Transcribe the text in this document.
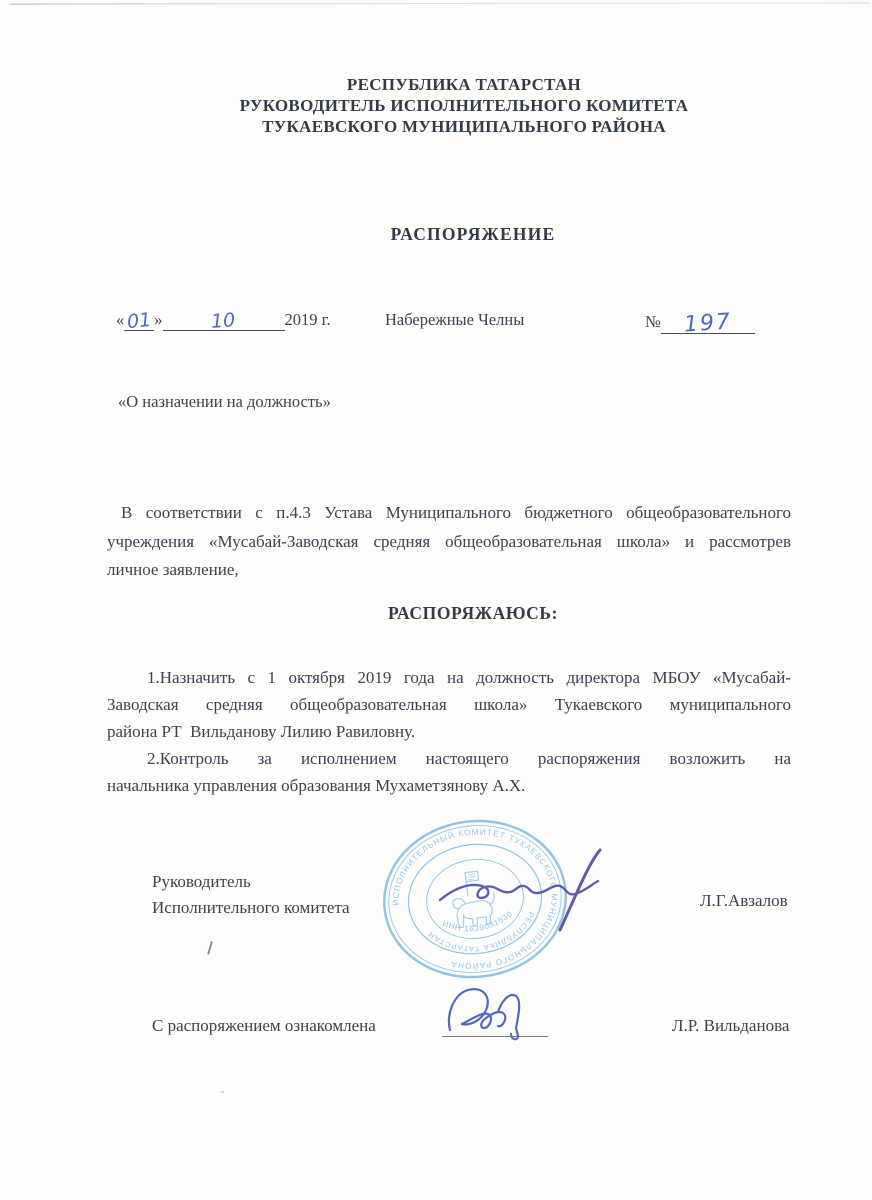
РЕСПУБЛИКА ТАТАРСТАН
РУКОВОДИТЕЛЬ ИСПОЛНИТЕЛЬНОГО КОМИТЕТА
ТУКАЕВСКОГО МУНИЦИПАЛЬНОГО РАЙОНА
РАСПОРЯЖЕНИЕ
«01 »	10	2019 г.	Набережные Челны	№ 197
«О назначении на должность»
В соответствии с п.4.3 Устава Муниципального бюджетного общеобразовательного
учреждения «Мусабай-Заводская средняя общеобразовательная школа» и рассмотрев
личное заявление,
РАСПОРЯЖАЮСЬ:
1.Назначить с 1 октября 2019 года на должность директора МБОУ «Мусабай-
Заводская средняя общеобразовательная школа» Тукаевского муниципального
района РТ  Вильданову Лилию Равиловну.
2.Контроль за исполнением настоящего распоряжения возложить на
начальника управления образования Мухаметзянову А.Х.
ИСПОЛНИТЕЛЬНЫЙ КОМИТЕТ ТУКАЕВСКОГО МУНИЦИПАЛЬНОГО РАЙОНА
РЕСПУБЛИКА ТАТАРСТАН
ИНН 1639031830
Руководитель
Исполнительного комитета	Л.Г.Авзалов
С распоряжением ознакомлена	Л.Р. Вильданова
